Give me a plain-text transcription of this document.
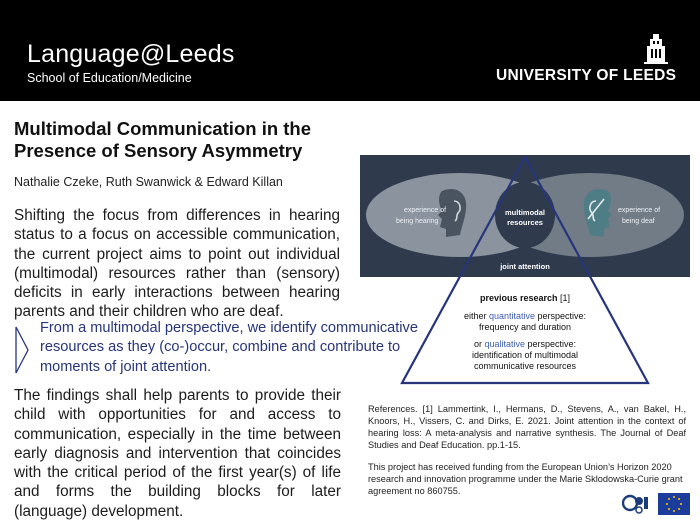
Language@Leeds
School of Education/Medicine	UNIVERSITY OF LEEDS
Multimodal Communication in the
Presence of Sensory Asymmetry
Nathalie Czeke, Ruth Swanwick & Edward Killan
Shifting the focus from differences in hearing status to a focus on accessible communication, the current project aims to point out individual (multimodal) resources rather than (sensory) deficits in early interactions between hearing parents and their children who are deaf.
From a multimodal perspective, we identify communicative resources as they (co-)occur, combine and contribute to moments of joint attention.
The findings shall help parents to provide their child with opportunities for and access to communication, especially in the time between early diagnosis and intervention that coincides with the critical period of the first year(s) of life and forms the building blocks for later (language) development.
experience of
being hearing
experience of
being deaf
multimodal
resources
joint attention
previous research [1]
either quantitative perspective:
frequency and duration
or qualitative perspective:
identification of multimodal
communicative resources
References. [1] Lammertink, I., Hermans, D., Stevens, A., van Bakel, H., Knoors, H., Vissers, C. and Dirks, E. 2021. Joint attention in the context of hearing loss: A meta-analysis and narrative synthesis. The Journal of Deaf Studies and Deaf Education. pp.1-15.
This project has received funding from the European Union’s Horizon 2020 research and innovation programme under the Marie Sklodowska-Curie grant agreement no 860755.
